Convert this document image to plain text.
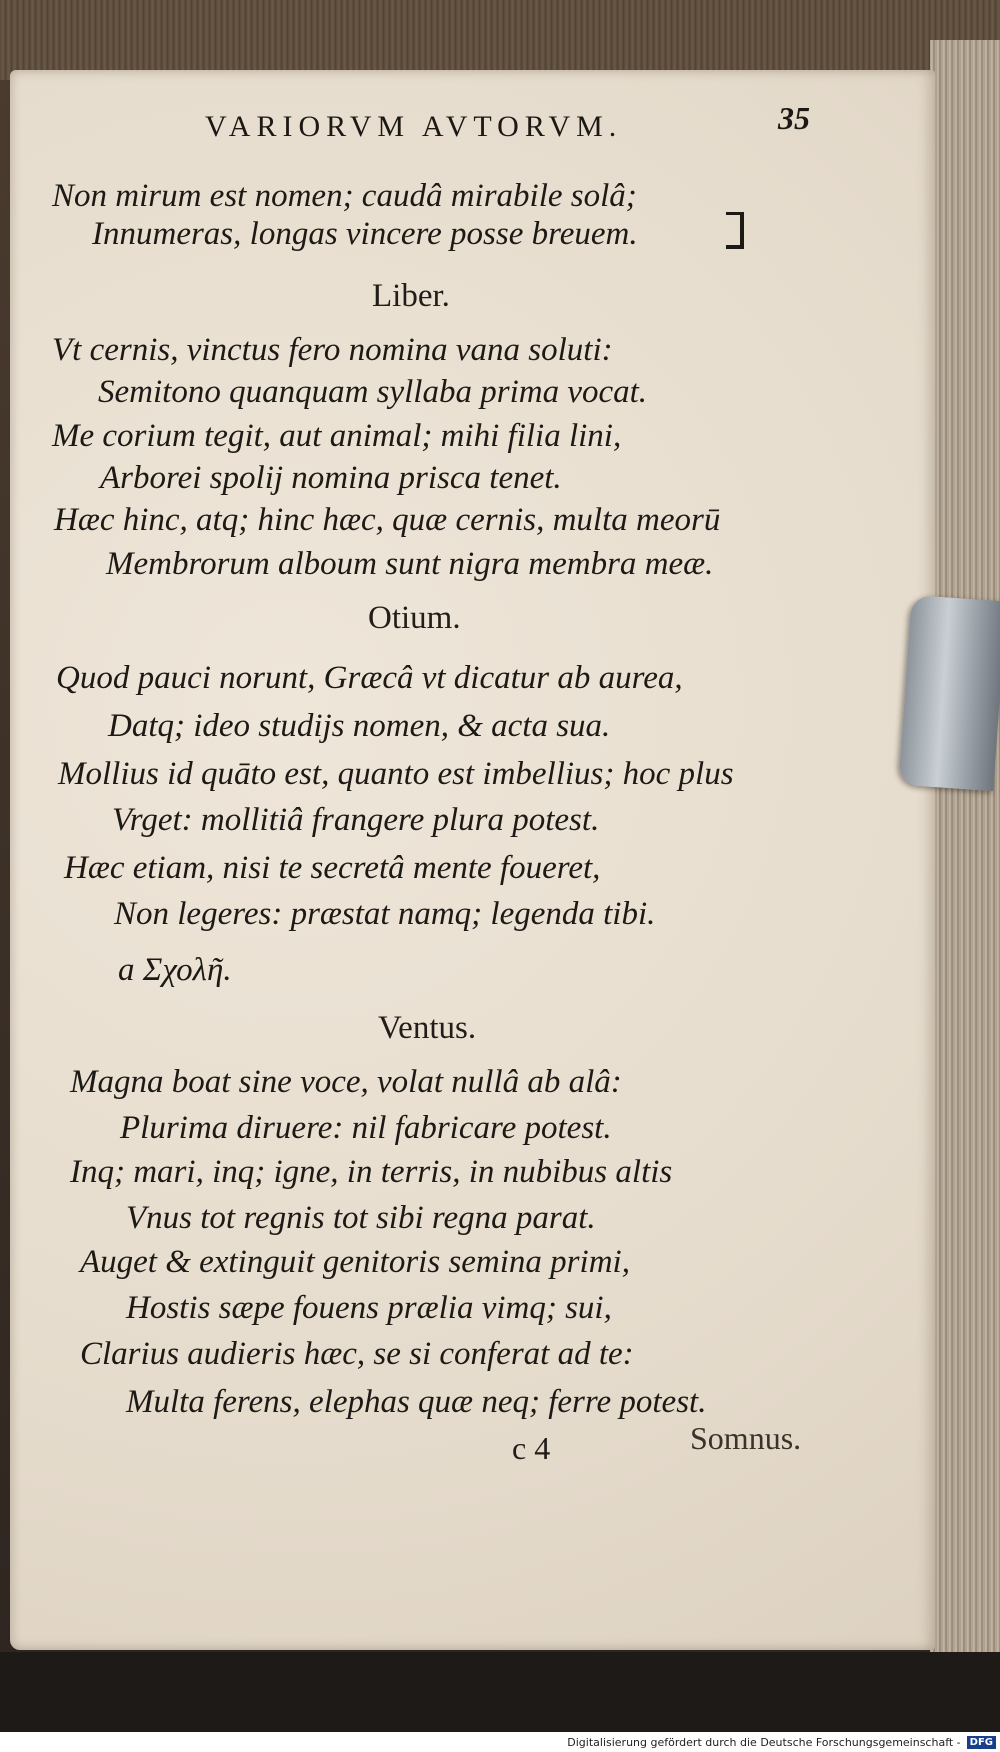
VARIORVM AVTORVM.	35
Non mirum est nomen; caudâ mirabile solâ;
Innumeras, longas vincere posse breuem.
Liber.
Vt cernis, vinctus fero nomina vana soluti:
Semitono quanquam syllaba prima vocat.
Me corium tegit, aut animal; mihi filia lini,
Arborei spolij nomina prisca tenet.
Hæc hinc, atq; hinc hæc, quæ cernis, multa meorū
Membrorum alboum sunt nigra membra meæ.
Otium.
Quod pauci norunt, Græcâ vt dicatur ab aurea,
Datq; ideo studijs nomen, & acta sua.
Mollius id quāto est, quanto est imbellius; hoc plus
Vrget: mollitiâ frangere plura potest.
Hæc etiam, nisi te secretâ mente foueret,
Non legeres: præstat namq; legenda tibi.
a Σχολῆ.
Ventus.
Magna boat sine voce, volat nullâ ab alâ:
Plurima diruere: nil fabricare potest.
Inq; mari, inq; igne, in terris, in nubibus altis
Vnus tot regnis tot sibi regna parat.
Auget & extinguit genitoris semina primi,
Hostis sæpe fouens prælia vimq; sui,
Clarius audieris hæc, se si conferat ad te:
Multa ferens, elephas quæ neq; ferre potest.
c 4	Somnus.
Digitalisierung gefördert durch die Deutsche Forschungsgemeinschaft - DFG
